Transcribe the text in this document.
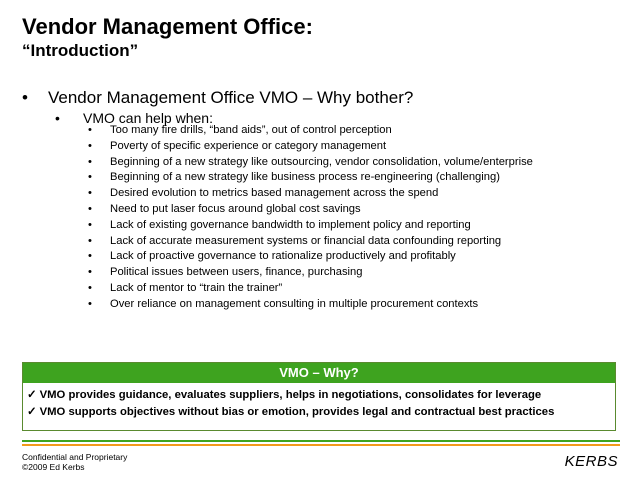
Vendor Management Office:
“Introduction”
• Vendor Management Office VMO – Why bother?
• VMO can help when:
•	Too many fire drills, “band aids”, out of control perception
•	Poverty of specific experience or category management
•	Beginning of a new strategy like outsourcing, vendor consolidation, volume/enterprise
•	Beginning of a new strategy like business process re-engineering (challenging)
•	Desired evolution to metrics based management across the spend
•	Need to put laser focus around global cost savings
•	Lack of existing governance bandwidth to implement policy and reporting
•	Lack of accurate measurement systems or financial data confounding reporting
•	Lack of proactive governance to rationalize productively and profitably
•	Political issues between users, finance, purchasing
•	Lack of mentor to “train the trainer”
•	Over reliance on management consulting in multiple procurement contexts
VMO – Why?
✓ VMO provides guidance, evaluates suppliers, helps in negotiations, consolidates for leverage
✓ VMO supports objectives without bias or emotion, provides legal and contractual best practices
Confidential and Proprietary
©2009 Ed Kerbs	KERBS
